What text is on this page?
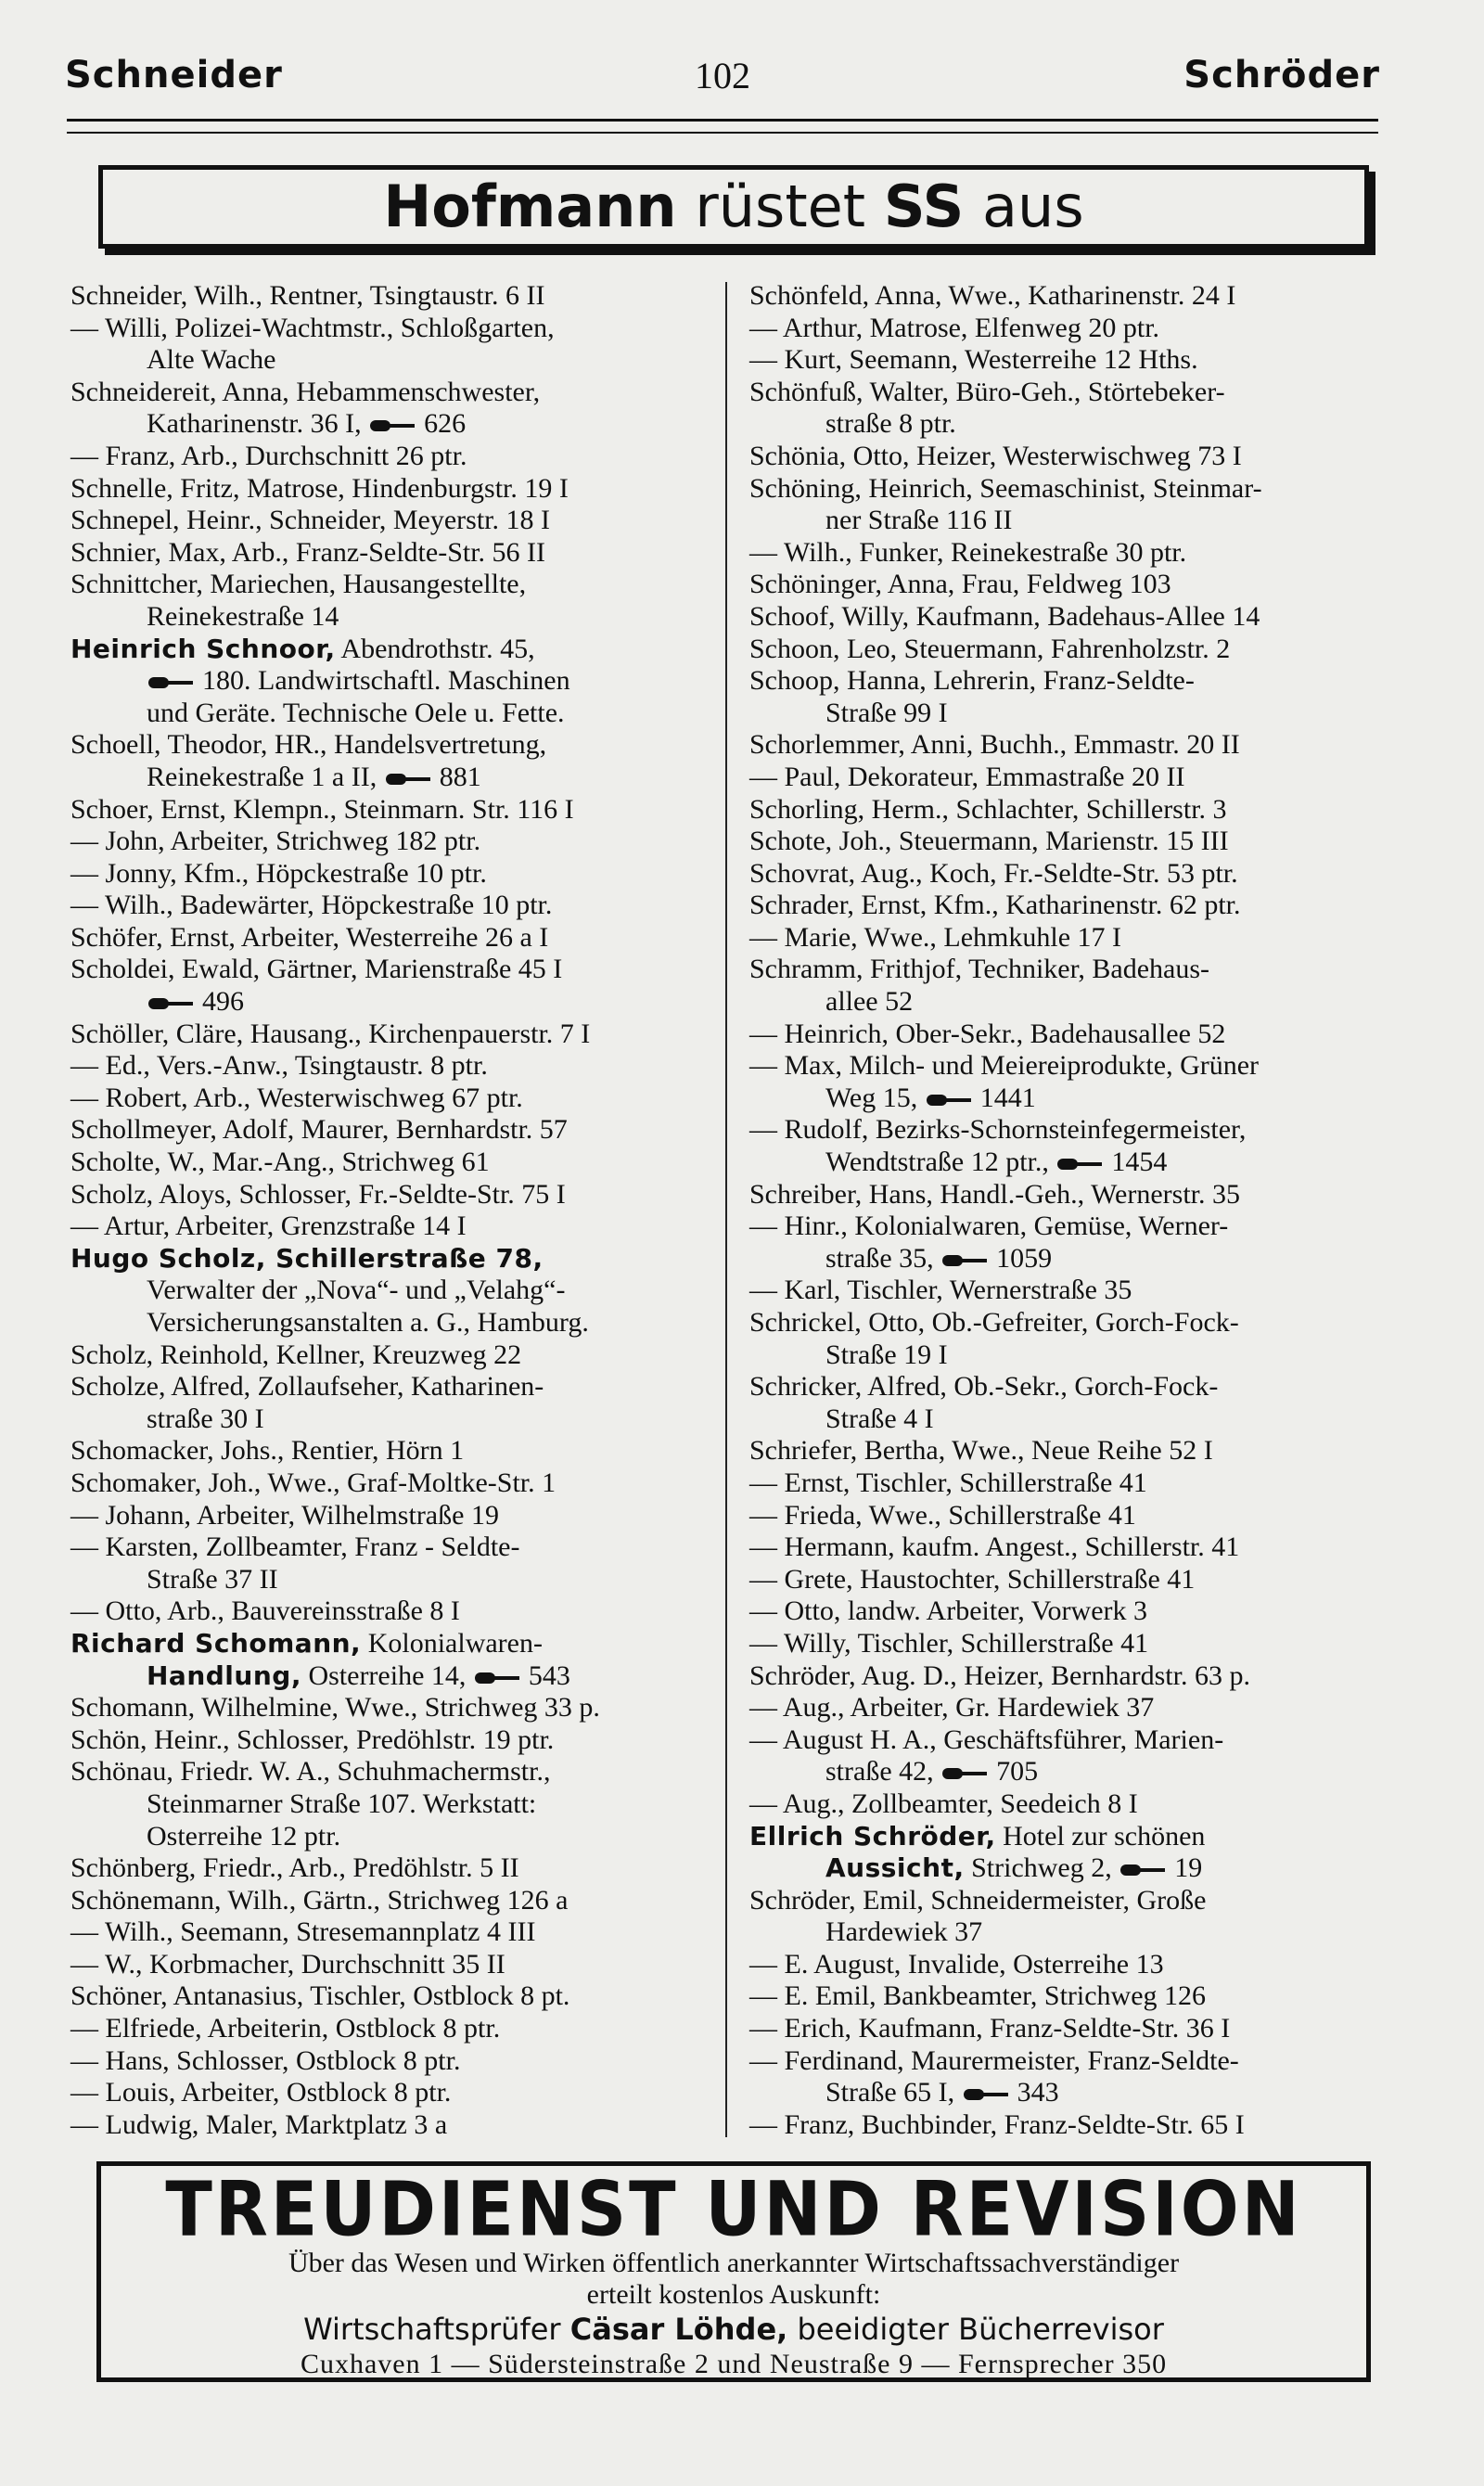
Schneider	102	Schröder
Hofmann rüstet SS aus
Schneider, Wilh., Rentner, Tsingtaustr. 6 II
— Willi, Polizei-Wachtmstr., Schloßgarten,
Alte Wache
Schneidereit, Anna, Hebammenschwester,
Katharinenstr. 36 I, 626
— Franz, Arb., Durchschnitt 26 ptr.
Schnelle, Fritz, Matrose, Hindenburgstr. 19 I
Schnepel, Heinr., Schneider, Meyerstr. 18 I
Schnier, Max, Arb., Franz-Seldte-Str. 56 II
Schnittcher, Mariechen, Hausangestellte,
Reinekestraße 14
Heinrich Schnoor, Abendrothstr. 45,
180. Landwirtschaftl. Maschinen
und Geräte. Technische Oele u. Fette.
Schoell, Theodor, HR., Handelsvertretung,
Reinekestraße 1 a II, 881
Schoer, Ernst, Klempn., Steinmarn. Str. 116 I
— John, Arbeiter, Strichweg 182 ptr.
— Jonny, Kfm., Höpckestraße 10 ptr.
— Wilh., Badewärter, Höpckestraße 10 ptr.
Schöfer, Ernst, Arbeiter, Westerreihe 26 a I
Scholdei, Ewald, Gärtner, Marienstraße 45 I
496
Schöller, Cläre, Hausang., Kirchenpauerstr. 7 I
— Ed., Vers.-Anw., Tsingtaustr. 8 ptr.
— Robert, Arb., Westerwischweg 67 ptr.
Schollmeyer, Adolf, Maurer, Bernhardstr. 57
Scholte, W., Mar.-Ang., Strichweg 61
Scholz, Aloys, Schlosser, Fr.-Seldte-Str. 75 I
— Artur, Arbeiter, Grenzstraße 14 I
Hugo Scholz, Schillerstraße 78,
Verwalter der „Nova“- und „Velahg“-
Versicherungsanstalten a. G., Hamburg.
Scholz, Reinhold, Kellner, Kreuzweg 22
Scholze, Alfred, Zollaufseher, Katharinen-
straße 30 I
Schomacker, Johs., Rentier, Hörn 1
Schomaker, Joh., Wwe., Graf-Moltke-Str. 1
— Johann, Arbeiter, Wilhelmstraße 19
— Karsten, Zollbeamter, Franz - Seldte-
Straße 37 II
— Otto, Arb., Bauvereinsstraße 8 I
Richard Schomann, Kolonialwaren-
Handlung, Osterreihe 14, 543
Schomann, Wilhelmine, Wwe., Strichweg 33 p.
Schön, Heinr., Schlosser, Predöhlstr. 19 ptr.
Schönau, Friedr. W. A., Schuhmachermstr.,
Steinmarner Straße 107. Werkstatt:
Osterreihe 12 ptr.
Schönberg, Friedr., Arb., Predöhlstr. 5 II
Schönemann, Wilh., Gärtn., Strichweg 126 a
— Wilh., Seemann, Stresemannplatz 4 III
— W., Korbmacher, Durchschnitt 35 II
Schöner, Antanasius, Tischler, Ostblock 8 pt.
— Elfriede, Arbeiterin, Ostblock 8 ptr.
— Hans, Schlosser, Ostblock 8 ptr.
— Louis, Arbeiter, Ostblock 8 ptr.
— Ludwig, Maler, Marktplatz 3 a
Schönfeld, Anna, Wwe., Katharinenstr. 24 I
— Arthur, Matrose, Elfenweg 20 ptr.
— Kurt, Seemann, Westerreihe 12 Hths.
Schönfuß, Walter, Büro-Geh., Störtebeker-
straße 8 ptr.
Schönia, Otto, Heizer, Westerwischweg 73 I
Schöning, Heinrich, Seemaschinist, Steinmar-
ner Straße 116 II
— Wilh., Funker, Reinekestraße 30 ptr.
Schöninger, Anna, Frau, Feldweg 103
Schoof, Willy, Kaufmann, Badehaus-Allee 14
Schoon, Leo, Steuermann, Fahrenholzstr. 2
Schoop, Hanna, Lehrerin, Franz-Seldte-
Straße 99 I
Schorlemmer, Anni, Buchh., Emmastr. 20 II
— Paul, Dekorateur, Emmastraße 20 II
Schorling, Herm., Schlachter, Schillerstr. 3
Schote, Joh., Steuermann, Marienstr. 15 III
Schovrat, Aug., Koch, Fr.-Seldte-Str. 53 ptr.
Schrader, Ernst, Kfm., Katharinenstr. 62 ptr.
— Marie, Wwe., Lehmkuhle 17 I
Schramm, Frithjof, Techniker, Badehaus-
allee 52
— Heinrich, Ober-Sekr., Badehausallee 52
— Max, Milch- und Meiereiprodukte, Grüner
Weg 15, 1441
— Rudolf, Bezirks-Schornsteinfegermeister,
Wendtstraße 12 ptr., 1454
Schreiber, Hans, Handl.-Geh., Wernerstr. 35
— Hinr., Kolonialwaren, Gemüse, Werner-
straße 35, 1059
— Karl, Tischler, Wernerstraße 35
Schrickel, Otto, Ob.-Gefreiter, Gorch-Fock-
Straße 19 I
Schricker, Alfred, Ob.-Sekr., Gorch-Fock-
Straße 4 I
Schriefer, Bertha, Wwe., Neue Reihe 52 I
— Ernst, Tischler, Schillerstraße 41
— Frieda, Wwe., Schillerstraße 41
— Hermann, kaufm. Angest., Schillerstr. 41
— Grete, Haustochter, Schillerstraße 41
— Otto, landw. Arbeiter, Vorwerk 3
— Willy, Tischler, Schillerstraße 41
Schröder, Aug. D., Heizer, Bernhardstr. 63 p.
— Aug., Arbeiter, Gr. Hardewiek 37
— August H. A., Geschäftsführer, Marien-
straße 42, 705
— Aug., Zollbeamter, Seedeich 8 I
Ellrich Schröder, Hotel zur schönen
Aussicht, Strichweg 2, 19
Schröder, Emil, Schneidermeister, Große
Hardewiek 37
— E. August, Invalide, Osterreihe 13
— E. Emil, Bankbeamter, Strichweg 126
— Erich, Kaufmann, Franz-Seldte-Str. 36 I
— Ferdinand, Maurermeister, Franz-Seldte-
Straße 65 I, 343
— Franz, Buchbinder, Franz-Seldte-Str. 65 I
TREUDIENST UND REVISION
Über das Wesen und Wirken öffentlich anerkannter Wirtschaftssachverständiger
erteilt kostenlos Auskunft:
Wirtschaftsprüfer Cäsar Löhde, beeidigter Bücherrevisor
Cuxhaven 1 — Südersteinstraße 2 und Neustraße 9 — Fernsprecher 350
